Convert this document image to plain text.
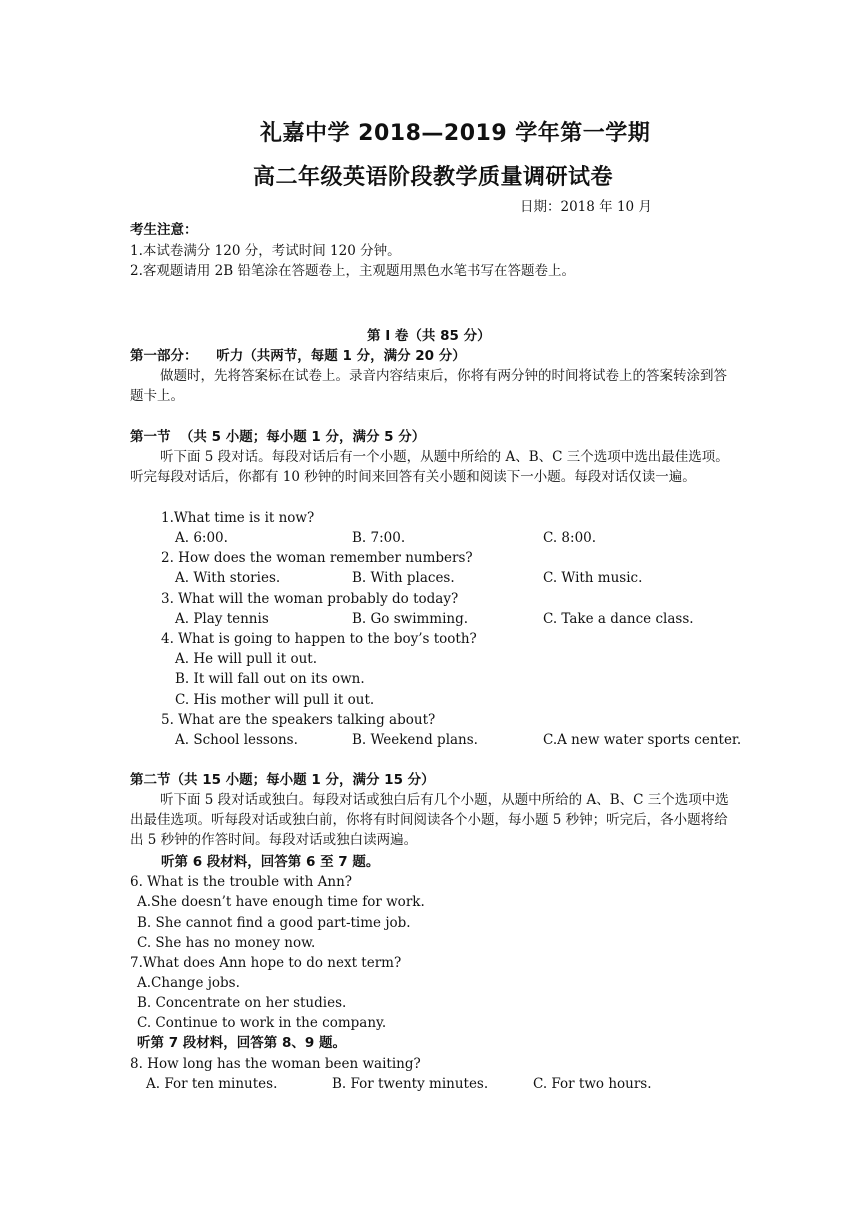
礼嘉中学 2018—2019 学年第一学期
高二年级英语阶段教学质量调研试卷
日期：2018 年 10 月
考生注意：
1.本试卷满分 120 分，考试时间 120 分钟。
2.客观题请用 2B 铅笔涂在答题卷上，主观题用黑色水笔书写在答题卷上。
第 I 卷（共 85 分）
第一部分：    听力（共两节，每题 1 分，满分 20 分）
做题时，先将答案标在试卷上。录音内容结束后，你将有两分钟的时间将试卷上的答案转涂到答题卡上。
第一节  （共 5 小题；每小题 1 分，满分 5 分）
听下面 5 段对话。每段对话后有一个小题，从题中所给的 A、B、C 三个选项中选出最佳选项。听完每段对话后，你都有 10 秒钟的时间来回答有关小题和阅读下一小题。每段对话仅读一遍。
1.What time is it now?
A. 6:00.	B. 7:00.	C. 8:00.
2. How does the woman remember numbers?
A. With stories.	B. With places.	C. With music.
3. What will the woman probably do today?
A. Play tennis	B. Go swimming.	C. Take a dance class.
4. What is going to happen to the boy’s tooth?
A. He will pull it out.
B. It will fall out on its own.
C. His mother will pull it out.
5. What are the speakers talking about?
A. School lessons.	B. Weekend plans.	C.A new water sports center.
第二节（共 15 小题；每小题 1 分，满分 15 分）
听下面 5 段对话或独白。每段对话或独白后有几个小题，从题中所给的 A、B、C 三个选项中选出最佳选项。听每段对话或独白前，你将有时间阅读各个小题，每小题 5 秒钟；听完后，各小题将给出 5 秒钟的作答时间。每段对话或独白读两遍。
听第 6 段材料，回答第 6 至 7 题。
6. What is the trouble with Ann?
A.She doesn’t have enough time for work.
B. She cannot find a good part-time job.
C. She has no money now.
7.What does Ann hope to do next term?
A.Change jobs.
B. Concentrate on her studies.
C. Continue to work in the company.
听第 7 段材料，回答第 8、9 题。
8. How long has the woman been waiting?
A. For ten minutes.	B. For twenty minutes.	C. For two hours.
